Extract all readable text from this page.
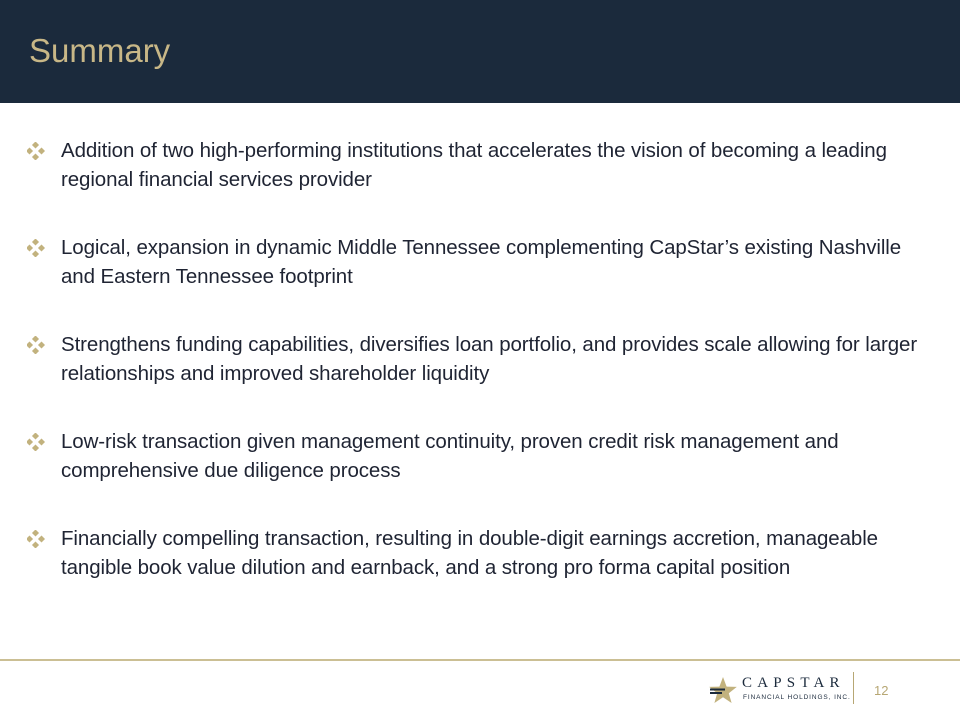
Summary
Addition of two high-performing institutions that accelerates the vision of becoming a leading regional financial services provider
Logical, expansion in dynamic Middle Tennessee complementing CapStar’s existing Nashville and Eastern Tennessee footprint
Strengthens funding capabilities, diversifies loan portfolio, and provides scale allowing for larger relationships and improved shareholder liquidity
Low-risk transaction given management continuity, proven credit risk management and comprehensive due diligence process
Financially compelling transaction, resulting in double-digit earnings accretion, manageable tangible book value dilution and earnback, and a strong pro forma capital position
CAPSTAR
FINANCIAL HOLDINGS, INC. 12
